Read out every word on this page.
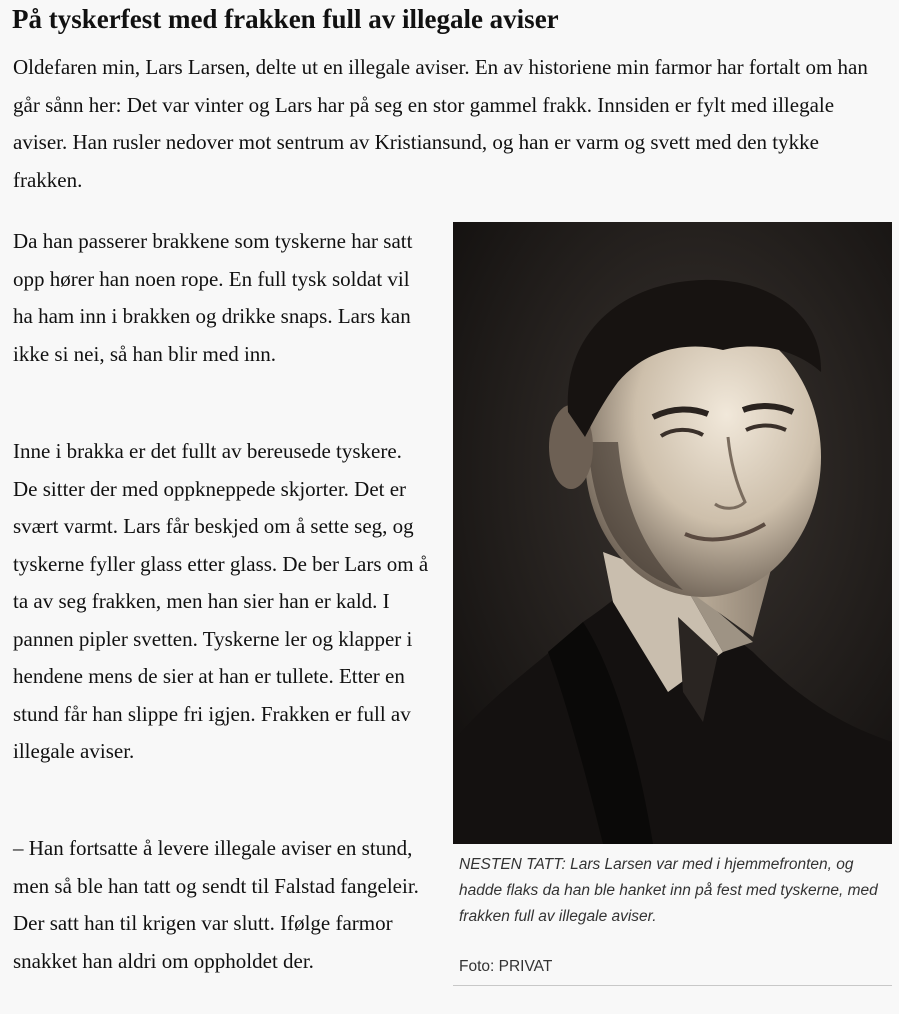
På tyskerfest med frakken full av illegale aviser

Oldefaren min, Lars Larsen, delte ut en illegale aviser. En av historiene min farmor har fortalt om han går sånn her: Det var vinter og Lars har på seg en stor gammel frakk. Innsiden er fylt med illegale aviser. Han rusler nedover mot sentrum av Kristiansund, og han er varm og svett med den tykke frakken.

Da han passerer brakkene som tyskerne har satt opp hører han noen rope. En full tysk soldat vil ha ham inn i brakken og drikke snaps. Lars kan ikke si nei, så han blir med inn.

Inne i brakka er det fullt av bereusede tyskere. De sitter der med oppkneppede skjorter. Det er svært varmt. Lars får beskjed om å sette seg, og tyskerne fyller glass etter glass. De ber Lars om å ta av seg frakken, men han sier han er kald. I pannen pipler svetten. Tyskerne ler og klapper i hendene mens de sier at han er tullete. Etter en stund får han slippe fri igjen. Frakken er full av illegale aviser.

– Han fortsatte å levere illegale aviser en stund, men så ble han tatt og sendt til Falstad fangeleir. Der satt han til krigen var slutt. Ifølge farmor snakket han aldri om oppholdet der.

NESTEN TATT: Lars Larsen var med i hjemmefronten, og hadde flaks da han ble hanket inn på fest med tyskerne, med frakken full av illegale aviser.
Foto: PRIVAT
